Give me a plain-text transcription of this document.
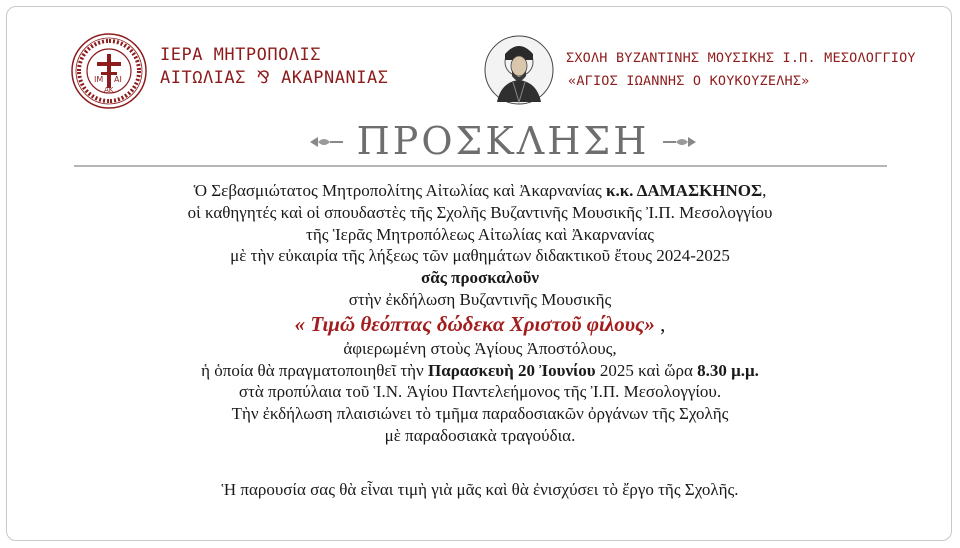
ΙΜ ΑΙ
ΑΚ
ΙΕΡΑ ΜΗΤΡΟΠΟΛΙΣ
ΑΙΤΩΛΙΑΣ ⅋ ΑΚΑΡΝΑΝΙΑΣ
ΣΧΟΛΗ ΒΥΖΑΝΤΙΝΗΣ ΜΟΥΣΙΚΗΣ Ι.Π. ΜΕΣΟΛΟΓΓΙΟΥ
«ΑΓΙΟΣ ΙΩΑΝΝΗΣ Ο ΚΟΥΚΟΥΖΕΛΗΣ»
ΠΡΟΣΚΛΗΣΗ
Ὁ Σεβασμιώτατος Μητροπολίτης Αἰτωλίας καὶ Ἀκαρνανίας κ.κ. ΔΑΜΑΣΚΗΝΟΣ,
οἱ καθηγητές καὶ οἱ σπουδαστὲς τῆς Σχολῆς Βυζαντινῆς Μουσικῆς Ἰ.Π. Μεσολογγίου
τῆς Ἱερᾶς Μητροπόλεως Αἰτωλίας καὶ Ἀκαρνανίας
μὲ τὴν εὐκαιρία τῆς λήξεως τῶν μαθημάτων διδακτικοῦ ἔτους 2024-2025
σᾶς προσκαλοῦν
στὴν ἐκδήλωση Βυζαντινῆς Μουσικῆς
« Τιμῶ θεόπτας δώδεκα Χριστοῦ φίλους» ,
ἀφιερωμένη στοὺς Ἁγίους Ἀποστόλους,
ἡ ὁποία θὰ πραγματοποιηθεῖ τὴν Παρασκευὴ 20 Ἰουνίου 2025 καὶ ὥρα 8.30 μ.μ.
στὰ προπύλαια τοῦ Ἱ.Ν. Ἁγίου Παντελεήμονος τῆς Ἰ.Π. Μεσολογγίου.
Τὴν ἐκδήλωση πλαισιώνει τὸ τμῆμα παραδοσιακῶν ὀργάνων τῆς Σχολῆς
μὲ παραδοσιακὰ τραγούδια.
Ἡ παρουσία σας θὰ εἶναι τιμὴ γιὰ μᾶς καὶ θὰ ἐνισχύσει τὸ ἔργο τῆς Σχολῆς.
